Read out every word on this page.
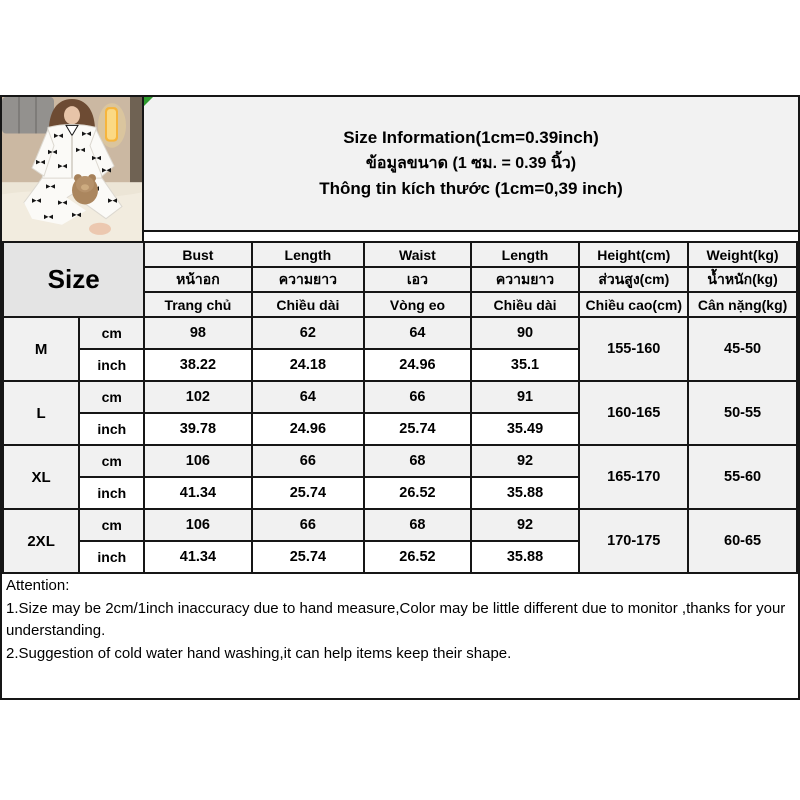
Size Information(1cm=0.39inch)
ข้อมูลขนาด (1 ซม. = 0.39 นิ้ว)
Thông tin kích thước (1cm=0,39 inch)
Size		Bust	Length	Waist	Length	Height(cm)	Weight(kg)
		หน้าอก	ความยาว	เอว	ความยาว	ส่วนสูง(cm)	น้ำหนัก(kg)
		Trang chủ	Chiều dài	Vòng eo	Chiều dài	Chiều cao(cm)	Cân nặng(kg)
M	cm	98	62	64	90	155-160	45-50
	inch	38.22	24.18	24.96	35.1		
L	cm	102	64	66	91	160-165	50-55
	inch	39.78	24.96	25.74	35.49		
XL	cm	106	66	68	92	165-170	55-60
	inch	41.34	25.74	26.52	35.88		
2XL	cm	106	66	68	92	170-175	60-65
	inch	41.34	25.74	26.52	35.88		
Attention:
1.Size may be 2cm/1inch inaccuracy due to hand measure,Color may be little different due to monitor ,thanks for your understanding.
2.Suggestion of cold water hand washing,it can help items keep their shape.
